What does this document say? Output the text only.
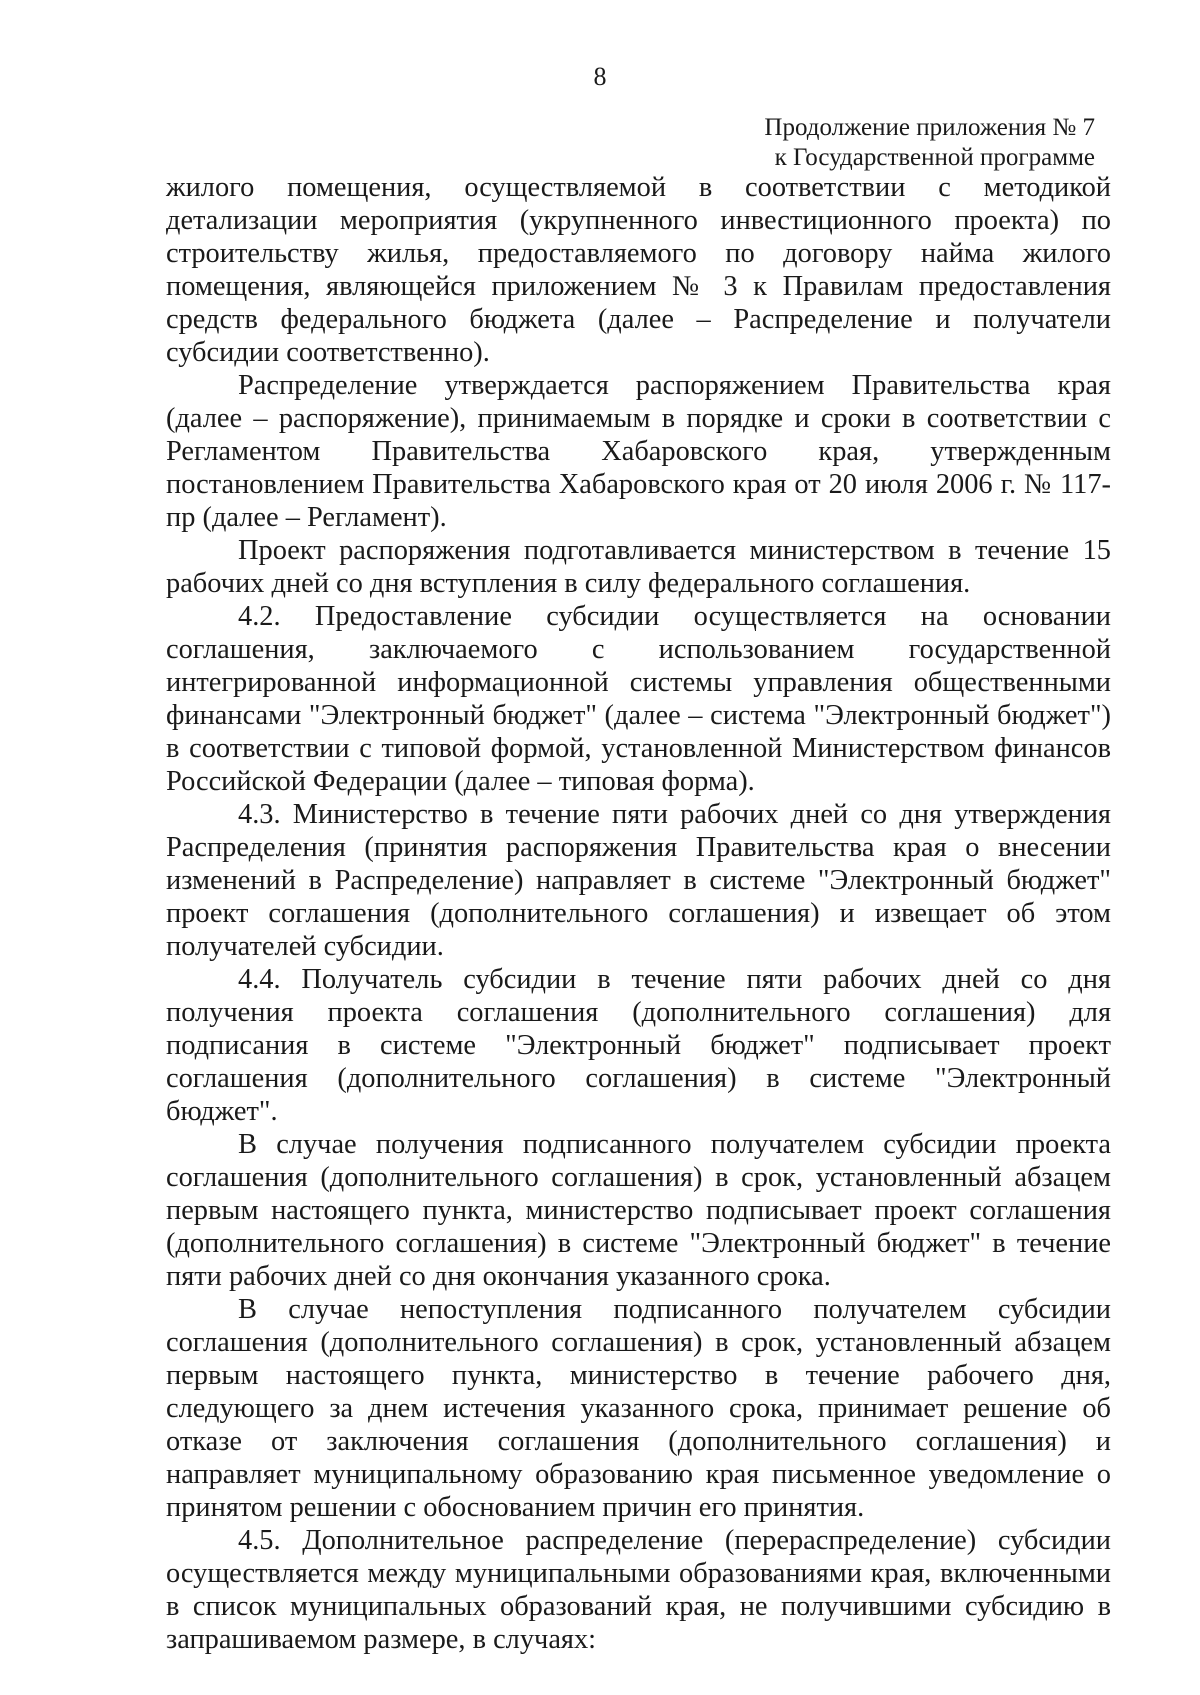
8
Продолжение приложения № 7
к Государственной программе

жилого помещения, осуществляемой в соответствии с методикой детализации мероприятия (укрупненного инвестиционного проекта) по строительству жилья, предоставляемого по договору найма жилого помещения, являющейся приложением № 3 к Правилам предоставления средств федерального бюджета (далее – Распределение и получатели субсидии соответственно).

Распределение утверждается распоряжением Правительства края (далее – распоряжение), принимаемым в порядке и сроки в соответствии с Регламентом Правительства Хабаровского края, утвержденным постановлением Правительства Хабаровского края от 20 июля 2006 г. № 117-пр (далее – Регламент).

Проект распоряжения подготавливается министерством в течение 15 рабочих дней со дня вступления в силу федерального соглашения.

4.2. Предоставление субсидии осуществляется на основании соглашения, заключаемого с использованием государственной интегрированной информационной системы управления общественными финансами "Электронный бюджет" (далее – система "Электронный бюджет") в соответствии с типовой формой, установленной Министерством финансов Российской Федерации (далее – типовая форма).

4.3. Министерство в течение пяти рабочих дней со дня утверждения Распределения (принятия распоряжения Правительства края о внесении изменений в Распределение) направляет в системе "Электронный бюджет" проект соглашения (дополнительного соглашения) и извещает об этом получателей субсидии.

4.4. Получатель субсидии в течение пяти рабочих дней со дня получения проекта соглашения (дополнительного соглашения) для подписания в системе "Электронный бюджет" подписывает проект соглашения (дополнительного соглашения) в системе "Электронный бюджет".

В случае получения подписанного получателем субсидии проекта соглашения (дополнительного соглашения) в срок, установленный абзацем первым настоящего пункта, министерство подписывает проект соглашения (дополнительного соглашения) в системе "Электронный бюджет" в течение пяти рабочих дней со дня окончания указанного срока.

В случае непоступления подписанного получателем субсидии соглашения (дополнительного соглашения) в срок, установленный абзацем первым настоящего пункта, министерство в течение рабочего дня, следующего за днем истечения указанного срока, принимает решение об отказе от заключения соглашения (дополнительного соглашения) и направляет муниципальному образованию края письменное уведомление о принятом решении с обоснованием причин его принятия.

4.5. Дополнительное распределение (перераспределение) субсидии осуществляется между муниципальными образованиями края, включенными в список муниципальных образований края, не получившими субсидию в запрашиваемом размере, в случаях:
